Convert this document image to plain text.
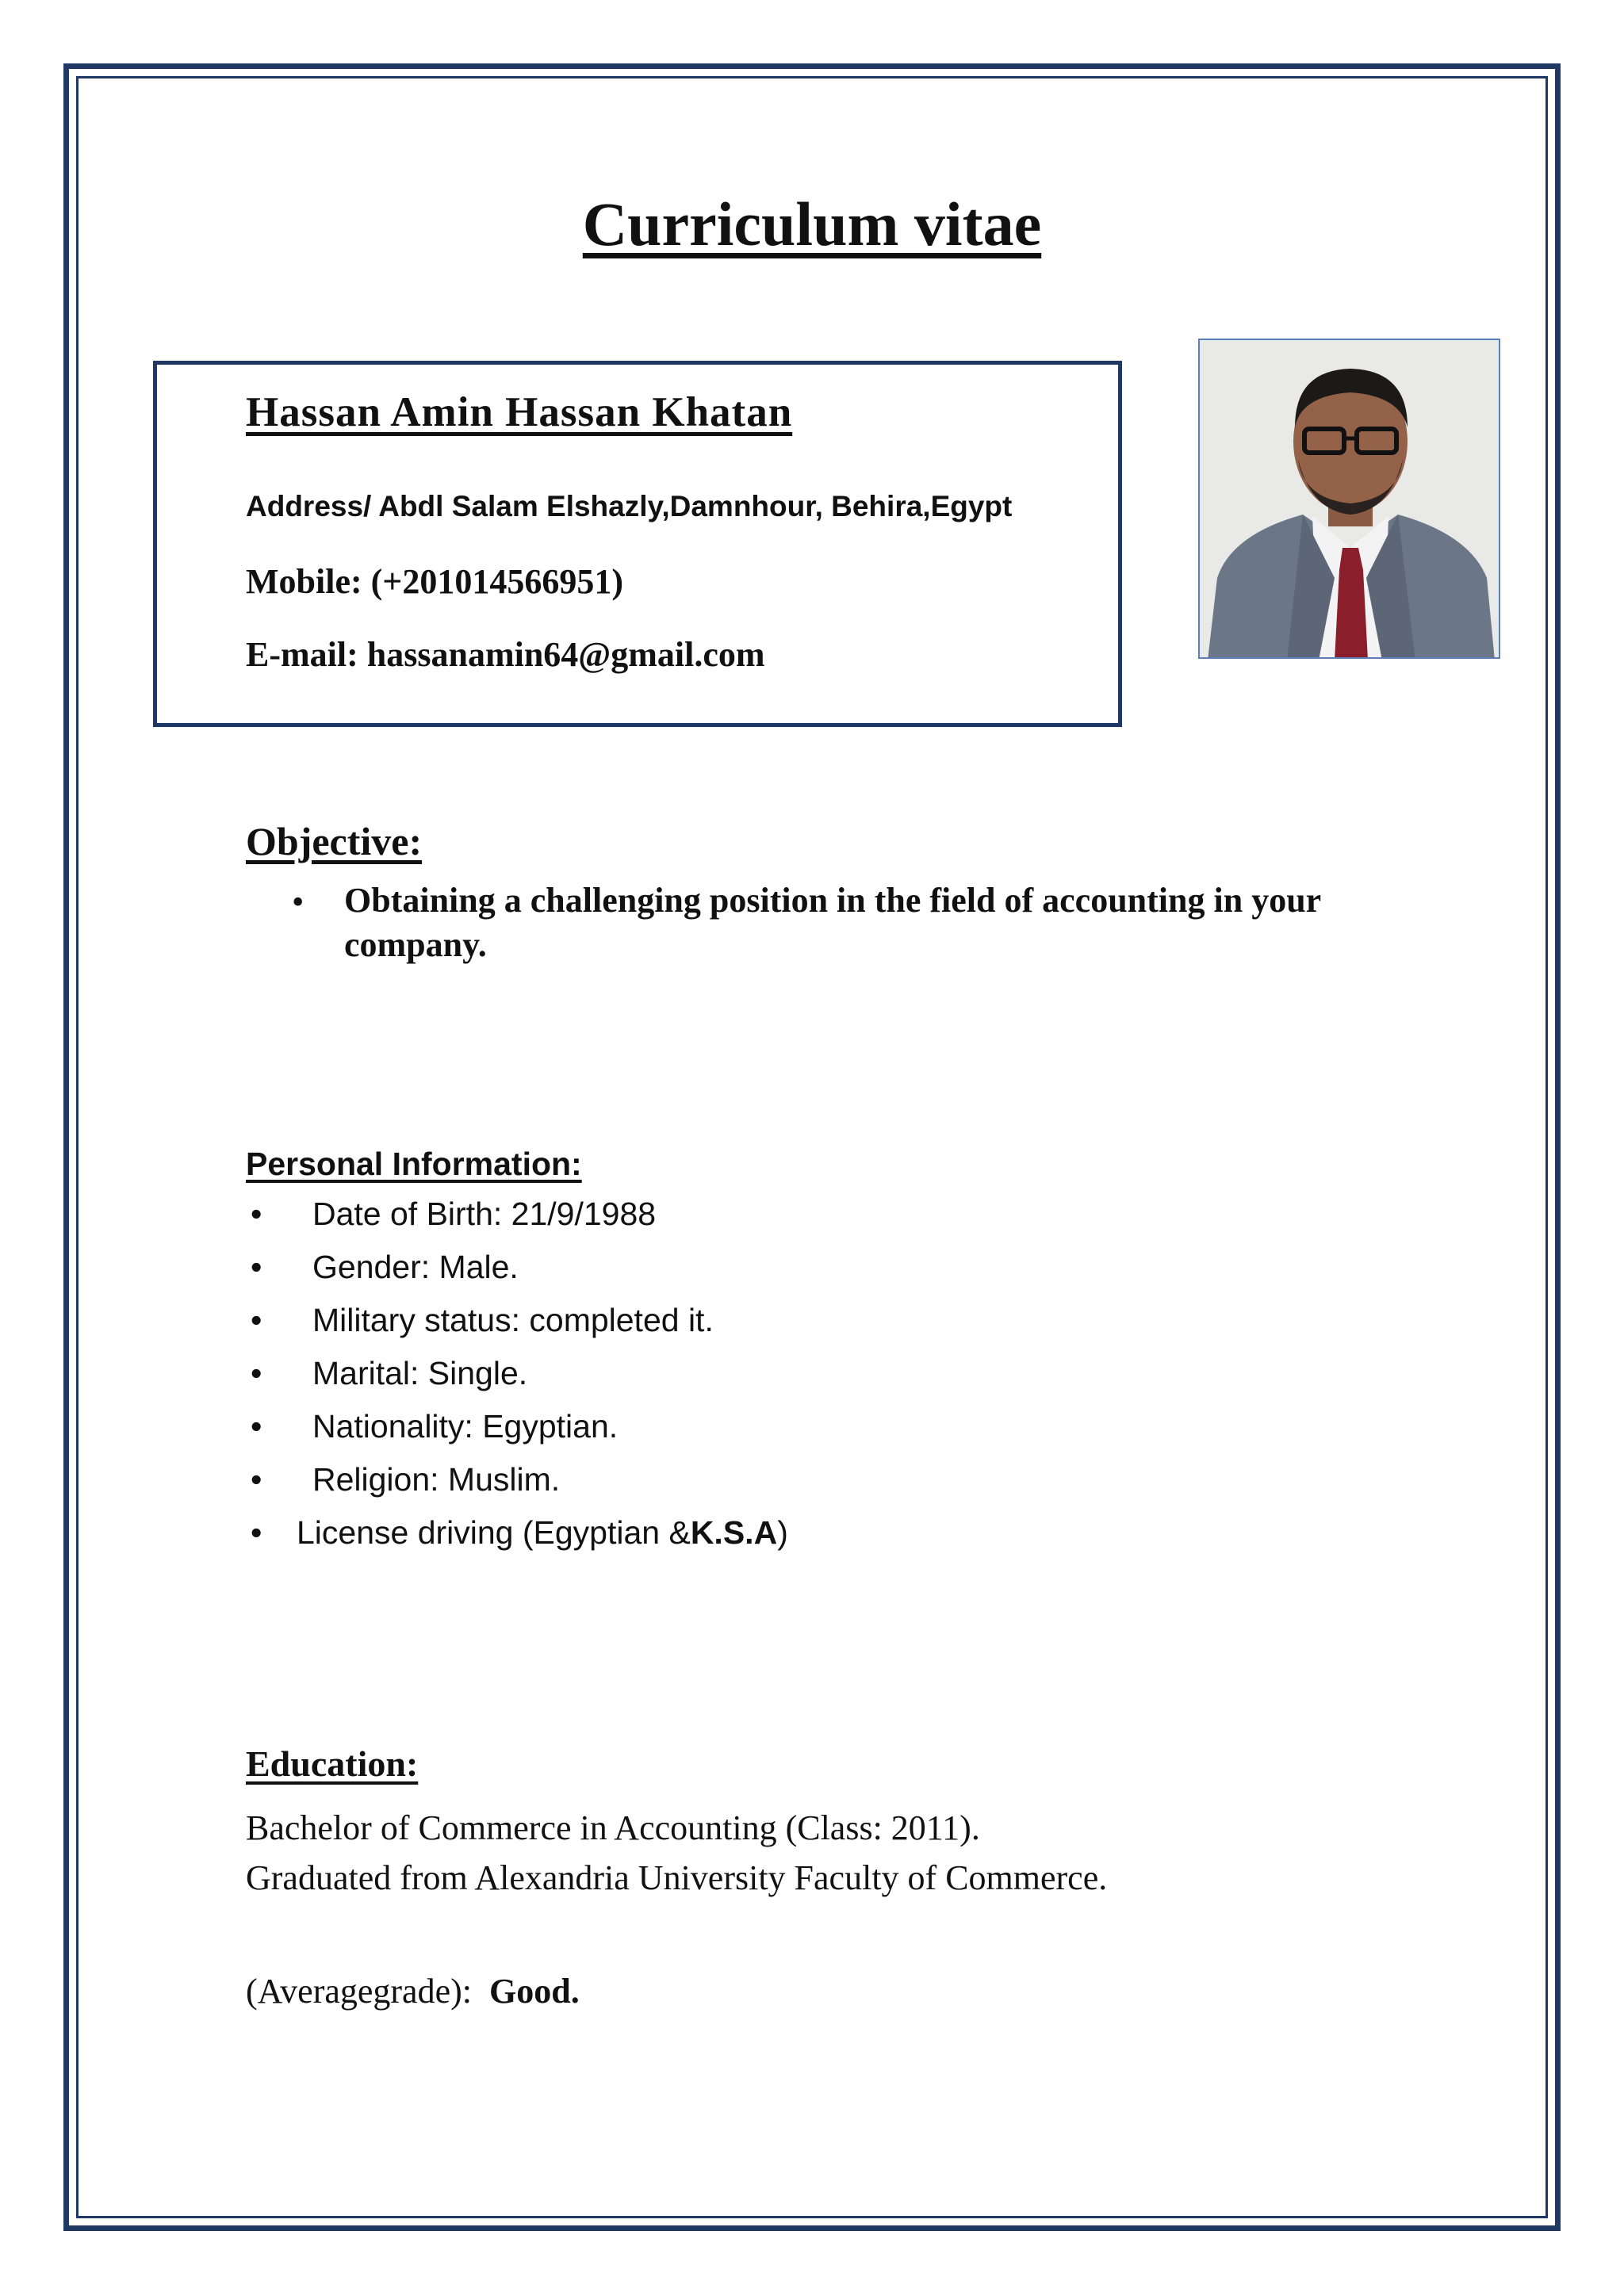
Curriculum vitae
Hassan Amin Hassan Khatan
Address/ Abdl Salam Elshazly,Damnhour, Behira,Egypt
Mobile: (+201014566951)
E-mail: hassanamin64@gmail.com
Objective:
• Obtaining a challenging position in the field of accounting in your company.
Personal Information:
• Date of Birth: 21/9/1988
• Gender: Male.
• Military status: completed it.
• Marital: Single.
• Nationality: Egyptian.
• Religion: Muslim.
• License driving (Egyptian &K.S.A)
Education:
Bachelor of Commerce in Accounting (Class: 2011).
Graduated from Alexandria University Faculty of Commerce.
(Averagegrade): Good.
